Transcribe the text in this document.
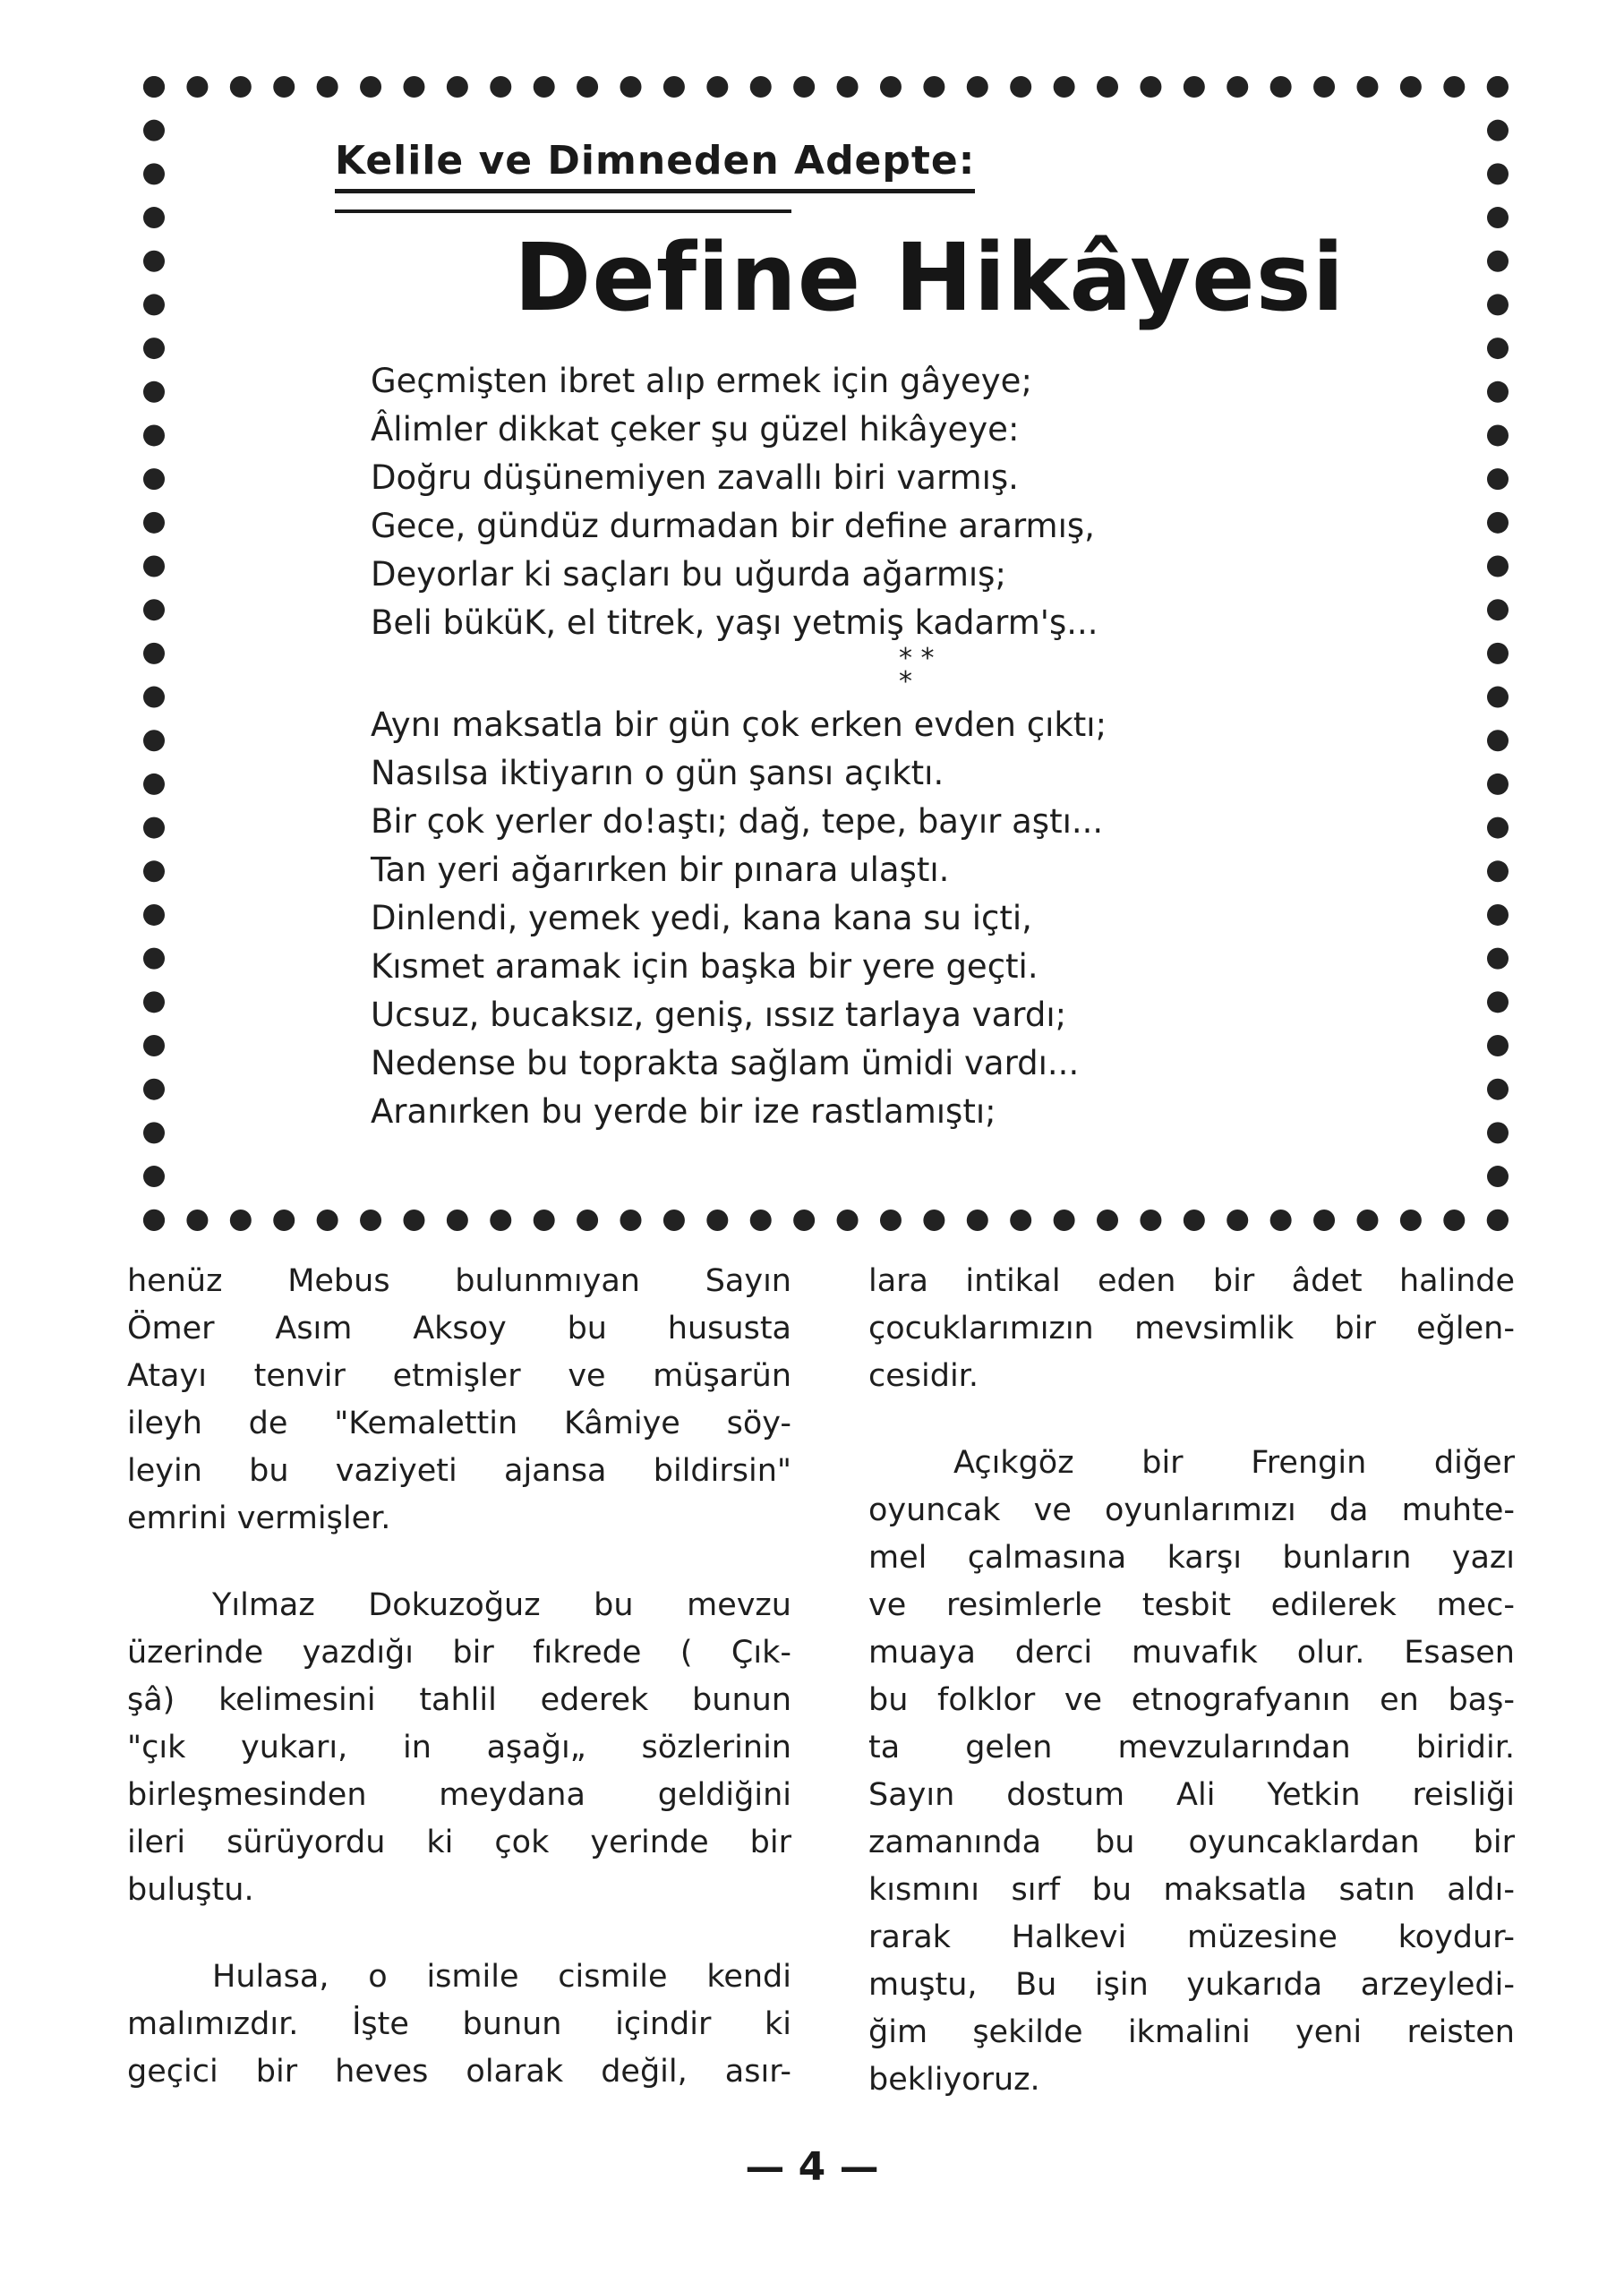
Kelile ve Dimneden Adepte:
Define Hikâyesi
Geçmişten ibret alıp ermek için gâyeye;
Âlimler dikkat çeker şu güzel hikâyeye:
Doğru düşünemiyen zavallı biri varmış.
Gece, gündüz durmadan bir define ararmış,
Deyorlar ki saçları bu uğurda ağarmış;
Beli büküK, el titrek, yaşı yetmiş kadarm'ş...
* *
*
Aynı maksatla bir gün çok erken evden çıktı;
Nasılsa iktiyarın o gün şansı açıktı.
Bir çok yerler do!aştı; dağ, tepe, bayır aştı...
Tan yeri ağarırken bir pınara ulaştı.
Dinlendi, yemek yedi, kana kana su içti,
Kısmet aramak için başka bir yere geçti.
Ucsuz, bucaksız, geniş, ıssız tarlaya vardı;
Nedense bu toprakta sağlam ümidi vardı...
Aranırken bu yerde bir ize rastlamıştı;

henüz Mebus bulunmıyan Sayın
Ömer Asım Aksoy bu hususta
Atayı tenvir etmişler ve müşarün
ileyh de "Kemalettin Kâmiye söy-
leyin bu vaziyeti ajansa bildirsin"
emrini vermişler.

Yılmaz Dokuzoğuz bu mevzu
üzerinde yazdığı bir fıkrede ( Çık-
şâ) kelimesini tahlil ederek bunun
"çık yukarı, in aşağı„ sözlerinin
birleşmesinden meydana geldiğini
ileri sürüyordu ki çok yerinde bir
buluştu.

Hulasa, o ismile cismile kendi
malımızdır. İşte bunun içindir ki
geçici bir heves olarak değil, asır-

lara intikal eden bir âdet halinde
çocuklarımızın mevsimlik bir eğlen-
cesidir.

Açıkgöz bir Frengin diğer
oyuncak ve oyunlarımızı da muhte-
mel çalmasına karşı bunların yazı
ve resimlerle tesbit edilerek mec-
muaya derci muvafık olur. Esasen
bu folklor ve etnografyanın en baş-
ta gelen mevzularından biridir.
Sayın dostum Ali Yetkin reisliği
zamanında bu oyuncaklardan bir
kısmını sırf bu maksatla satın aldı-
rarak Halkevi müzesine koydur-
muştu, Bu işin yukarıda arzeyledi-
ğim şekilde ikmalini yeni reisten
bekliyoruz.

— 4 —
